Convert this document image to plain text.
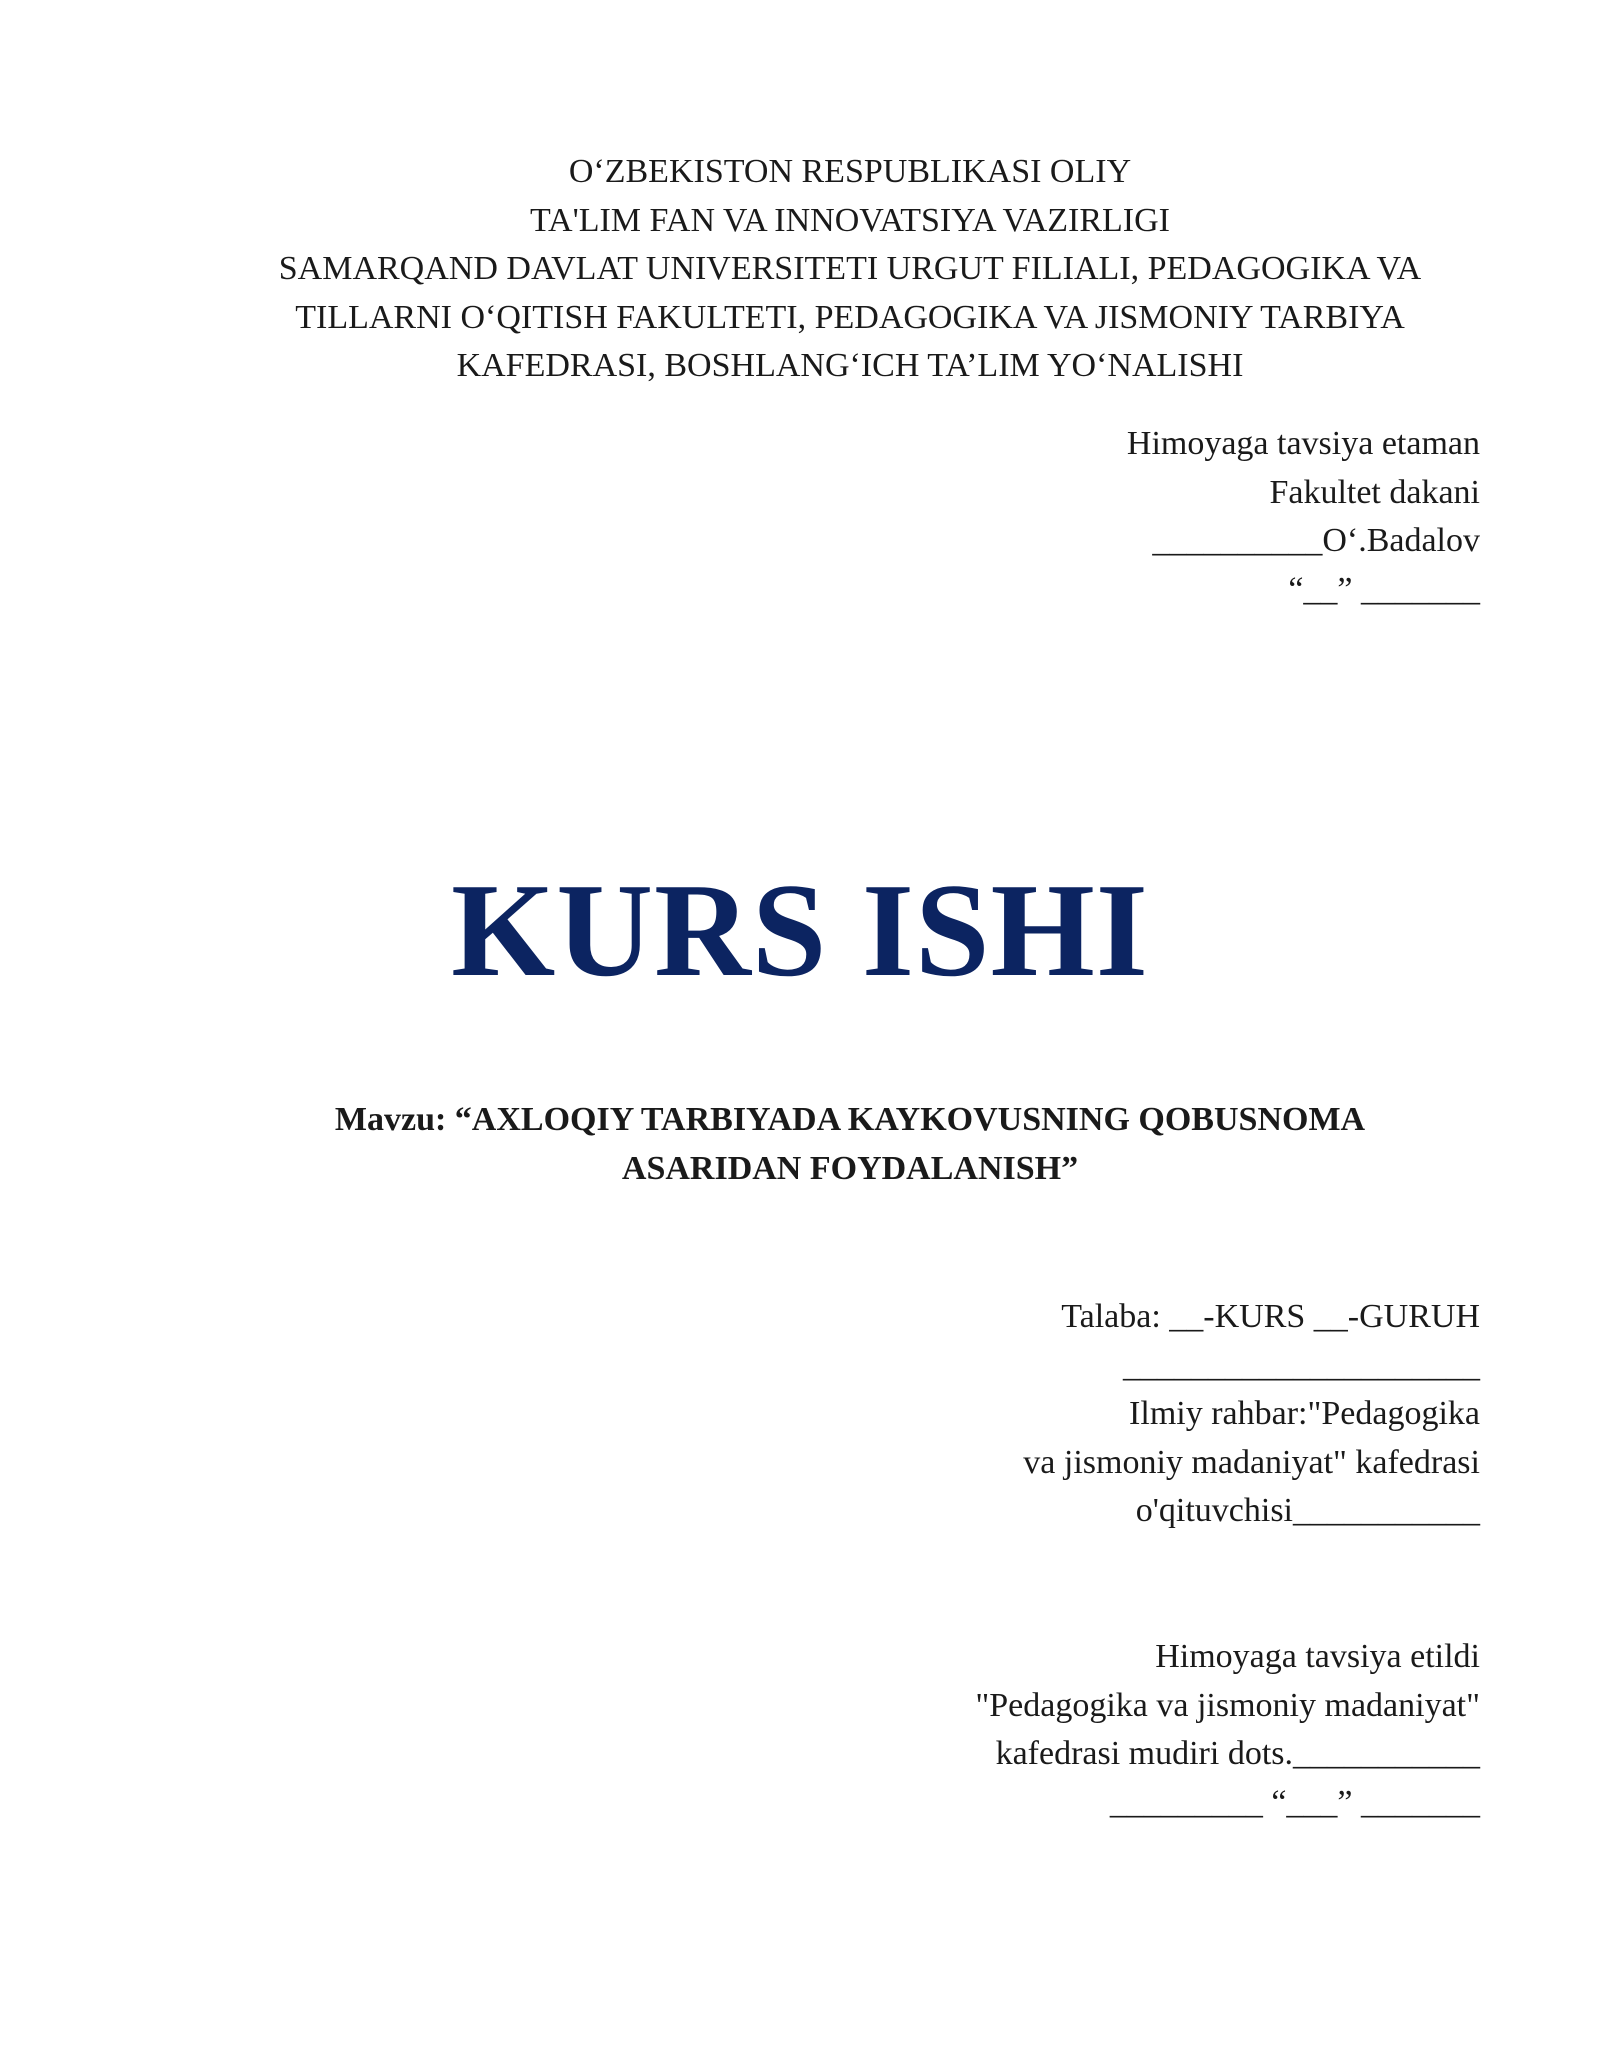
O‘ZBEKISTON RESPUBLIKASI OLIY
TA'LIM FAN VA INNOVATSIYA VAZIRLIGI
SAMARQAND DAVLAT UNIVERSITETI URGUT FILIALI, PEDAGOGIKA VA
TILLARNI O‘QITISH FAKULTETI, PEDAGOGIKA VA JISMONIY TARBIYA
KAFEDRASI, BOSHLANG‘ICH TA’LIM YO‘NALISHI
Himoyaga tavsiya etaman
Fakultet dakani
__________O‘.Badalov
“__” _______
KURS ISHI
Mavzu: “AXLOQIY TARBIYADA KAYKOVUSNING QOBUSNOMA
ASARIDAN FOYDALANISH”
Talaba: __-KURS __-GURUH
_____________________
Ilmiy rahbar:"Pedagogika
va jismoniy madaniyat" kafedrasi
o'qituvchisi___________
Himoyaga tavsiya etildi
"Pedagogika va jismoniy madaniyat"
kafedrasi mudiri dots.___________
_________ “___” _______
